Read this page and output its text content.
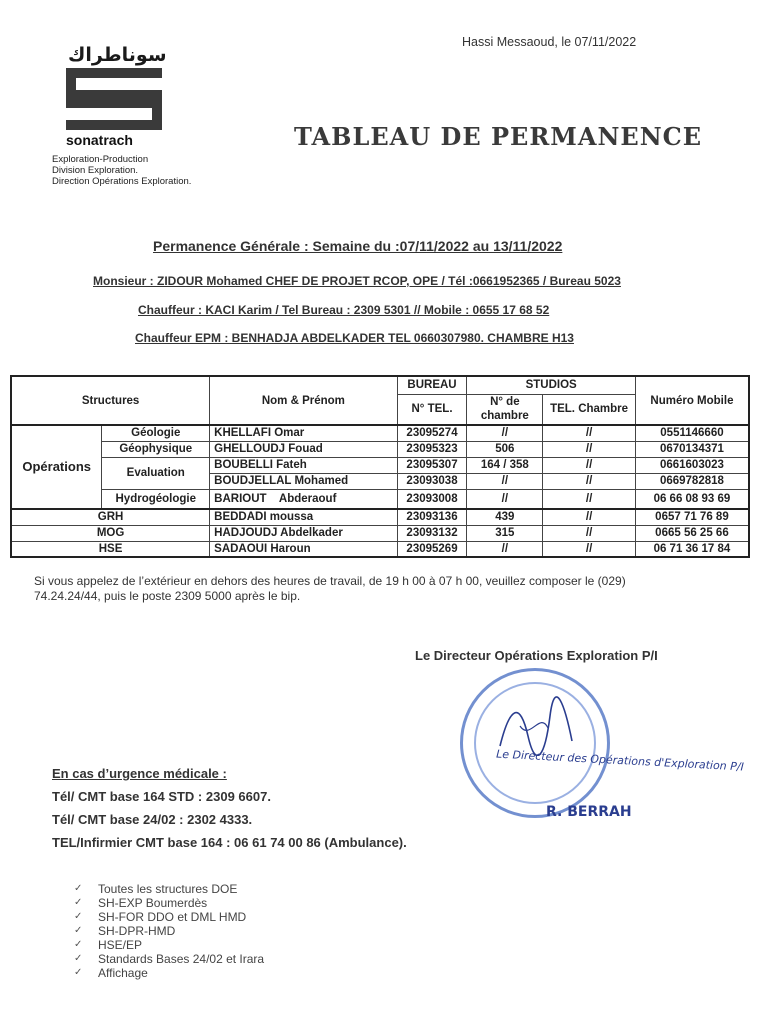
Hassi Messaoud, le 07/11/2022
سوناطراك
sonatrach
Exploration-Production
Division Exploration.
Direction Opérations Exploration.
TABLEAU DE PERMANENCE
Permanence Générale : Semaine du :07/11/2022 au 13/11/2022
Monsieur : ZIDOUR Mohamed CHEF DE PROJET RCOP, OPE / Tél :0661952365 / Bureau 5023
Chauffeur : KACI Karim / Tel Bureau : 2309 5301 // Mobile : 0655 17 68 52
Chauffeur EPM : BENHADJA ABDELKADER TEL 0660307980. CHAMBRE H13
Structures		Nom & Prénom	BUREAU	STUDIOS		Numéro Mobile
			N° TEL.	N° de chambre	TEL. Chambre	
Opérations	Géologie	KHELLAFI Omar	23095274	//	//	0551146660
	Géophysique	GHELLOUDJ Fouad	23095323	506	//	0670134371
	Evaluation	BOUBELLI Fateh	23095307	164 / 358	//	0661603023
		BOUDJELLAL Mohamed	23093038	//	//	0669782818
	Hydrogéologie	BARIOUT    Abderaouf	23093008	//	//	06 66 08 93 69
GRH		BEDDADI moussa	23093136	439	//	0657 71 76 89
MOG		HADJOUDJ Abdelkader	23093132	315	//	0665 56 25 66
HSE		SADAOUI Haroun	23095269	//	//	06 71 36 17 84
Si vous appelez de l’extérieur en dehors des heures de travail, de 19 h 00 à 07 h 00, veuillez composer le (029) 74.24.24/44, puis le poste 2309 5000 après le bip.
Le Directeur Opérations Exploration P/I
Le Directeur des Opérations d'Exploration P/I
R. BERRAH
En cas d’urgence médicale :
Tél/ CMT base 164 STD : 2309 6607.
Tél/ CMT base 24/02 : 2302 4333.
TEL/Infirmier CMT base 164 : 06 61 74 00 86 (Ambulance).
✓	Toutes les structures DOE
✓	SH-EXP Boumerdès
✓	SH-FOR DDO et DML HMD
✓	SH-DPR-HMD
✓	HSE/EP
✓	Standards Bases 24/02 et Irara
✓	Affichage
